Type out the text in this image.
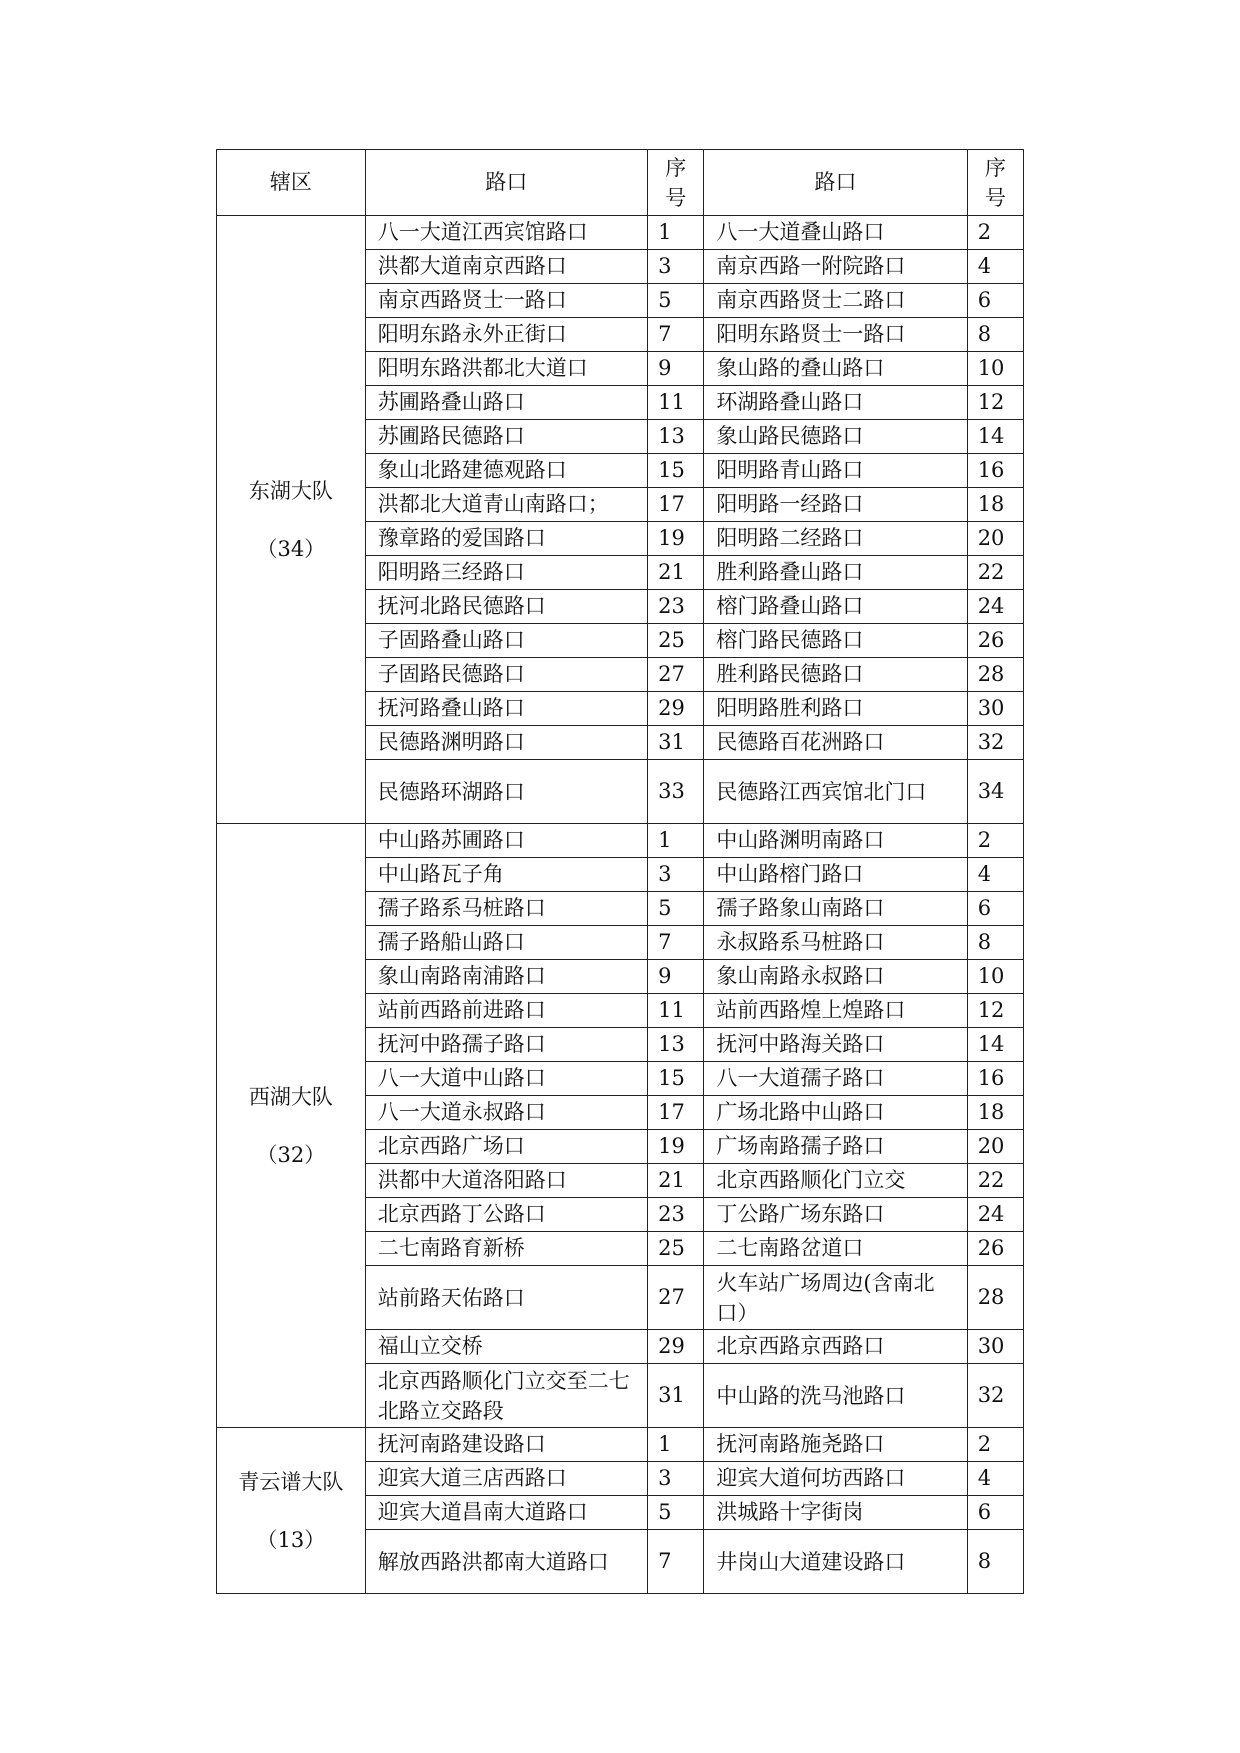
辖区	路口	序号	路口	序号

东湖大队
（34）	八一大道江西宾馆路口	1	八一大道叠山路口	2
	洪都大道南京西路口	3	南京西路一附院路口	4
	南京西路贤士一路口	5	南京西路贤士二路口	6
	阳明东路永外正街口	7	阳明东路贤士一路口	8
	阳明东路洪都北大道口	9	象山路的叠山路口	10
	苏圃路叠山路口	11	环湖路叠山路口	12
	苏圃路民德路口	13	象山路民德路口	14
	象山北路建德观路口	15	阳明路青山路口	16
	洪都北大道青山南路口；	17	阳明路一经路口	18
	豫章路的爱国路口	19	阳明路二经路口	20
	阳明路三经路口	21	胜利路叠山路口	22
	抚河北路民德路口	23	榕门路叠山路口	24
	子固路叠山路口	25	榕门路民德路口	26
	子固路民德路口	27	胜利路民德路口	28
	抚河路叠山路口	29	阳明路胜利路口	30
	民德路渊明路口	31	民德路百花洲路口	32
	民德路环湖路口	33	民德路江西宾馆北门口	34

西湖大队
（32）	中山路苏圃路口	1	中山路渊明南路口	2
	中山路瓦子角	3	中山路榕门路口	4
	孺子路系马桩路口	5	孺子路象山南路口	6
	孺子路船山路口	7	永叔路系马桩路口	8
	象山南路南浦路口	9	象山南路永叔路口	10
	站前西路前进路口	11	站前西路煌上煌路口	12
	抚河中路孺子路口	13	抚河中路海关路口	14
	八一大道中山路口	15	八一大道孺子路口	16
	八一大道永叔路口	17	广场北路中山路口	18
	北京西路广场口	19	广场南路孺子路口	20
	洪都中大道洛阳路口	21	北京西路顺化门立交	22
	北京西路丁公路口	23	丁公路广场东路口	24
	二七南路育新桥	25	二七南路岔道口	26
	站前路天佑路口	27	火车站广场周边(含南北口）	28
	福山立交桥	29	北京西路京西路口	30
	北京西路顺化门立交至二七北路立交路段	31	中山路的洗马池路口	32

青云谱大队
（13）	抚河南路建设路口	1	抚河南路施尧路口	2
	迎宾大道三店西路口	3	迎宾大道何坊西路口	4
	迎宾大道昌南大道路口	5	洪城路十字街岗	6
	解放西路洪都南大道路口	7	井岗山大道建设路口	8
